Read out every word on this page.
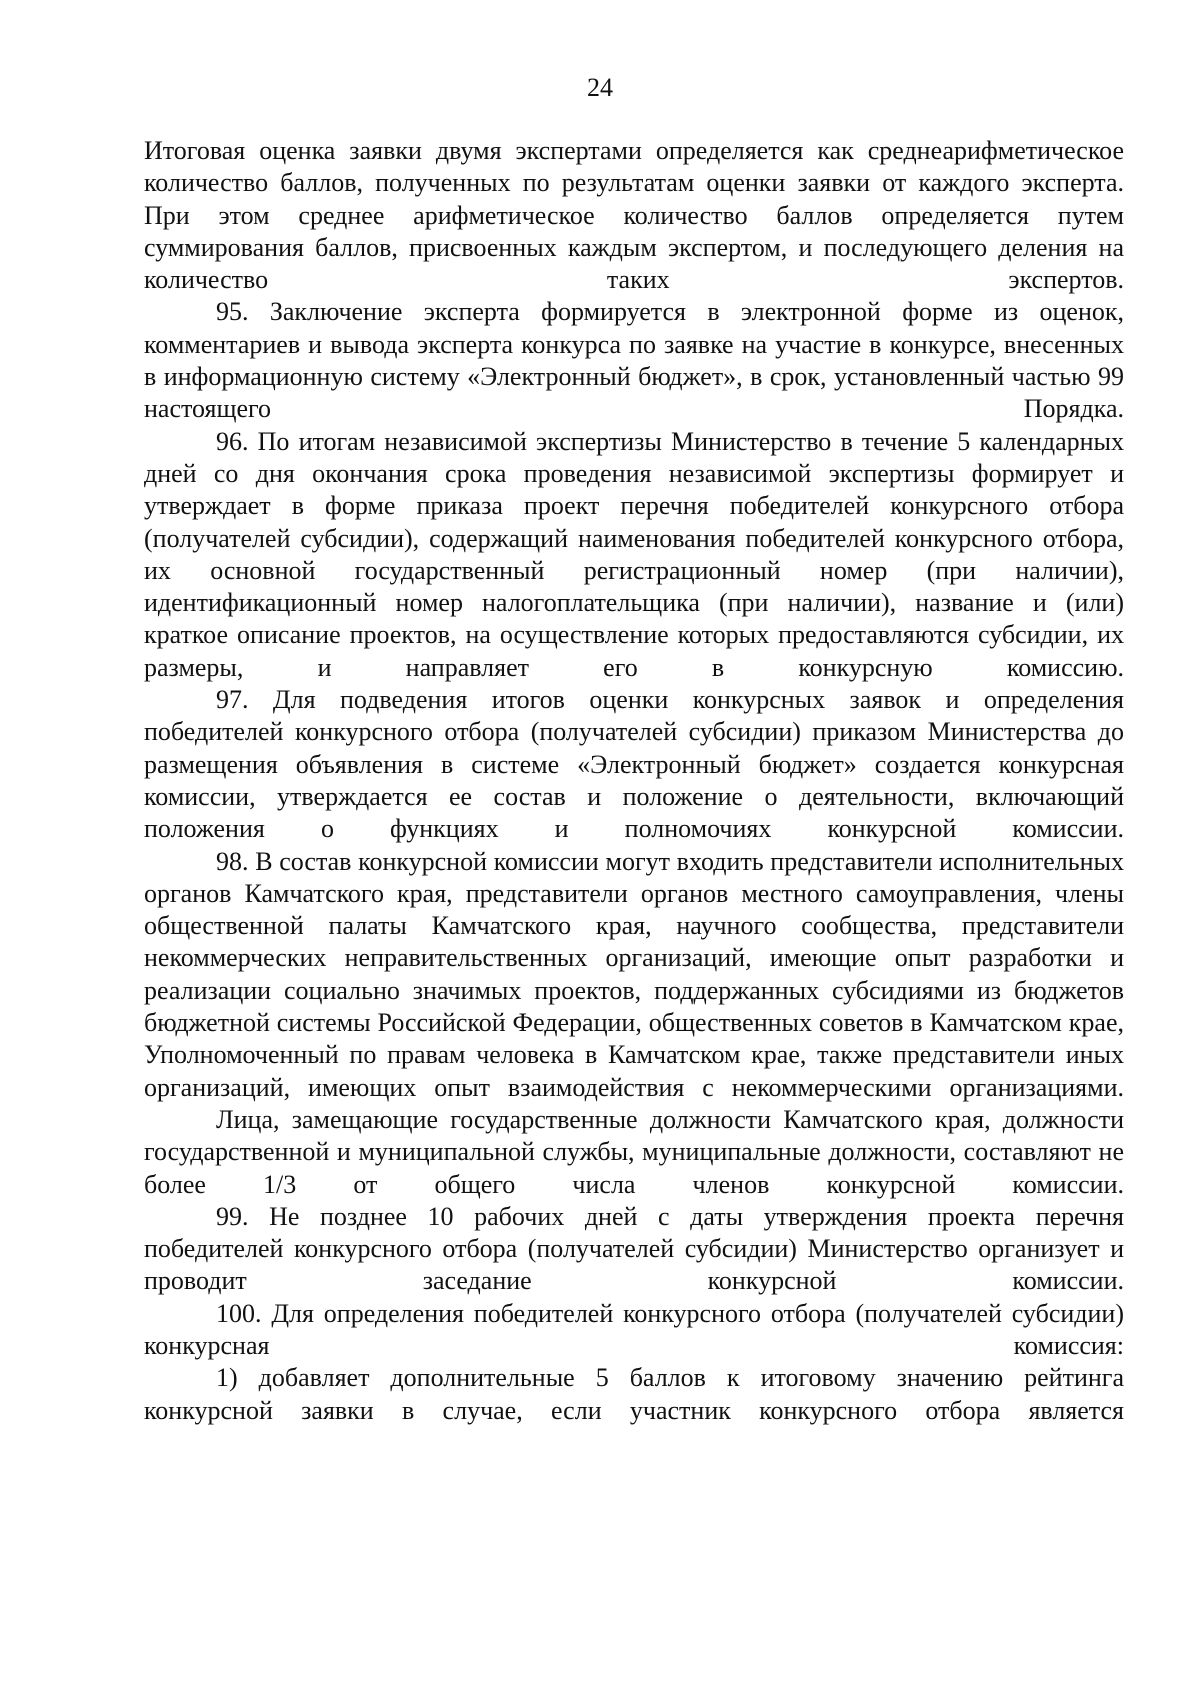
24

Итоговая оценка заявки двумя экспертами определяется как среднеарифметическое количество баллов, полученных по результатам оценки заявки от каждого эксперта. При этом среднее арифметическое количество баллов определяется путем суммирования баллов, присвоенных каждым экспертом, и последующего деления на количество таких экспертов.

95. Заключение эксперта формируется в электронной форме из оценок, комментариев и вывода эксперта конкурса по заявке на участие в конкурсе, внесенных в информационную систему «Электронный бюджет», в срок, установленный частью 99 настоящего Порядка.

96. По итогам независимой экспертизы Министерство в течение 5 календарных дней со дня окончания срока проведения независимой экспертизы формирует и утверждает в форме приказа проект перечня победителей конкурсного отбора (получателей субсидии), содержащий наименования победителей конкурсного отбора, их основной государственный регистрационный номер (при наличии), идентификационный номер налогоплательщика (при наличии), название и (или) краткое описание проектов, на осуществление которых предоставляются субсидии, их размеры, и направляет его в конкурсную комиссию.

97. Для подведения итогов оценки конкурсных заявок и определения победителей конкурсного отбора (получателей субсидии) приказом Министерства до размещения объявления в системе «Электронный бюджет» создается конкурсная комиссии, утверждается ее состав и положение о деятельности, включающий положения о функциях и полномочиях конкурсной комиссии.

98. В состав конкурсной комиссии могут входить представители исполнительных органов Камчатского края, представители органов местного самоуправления, члены общественной палаты Камчатского края, научного сообщества, представители некоммерческих неправительственных организаций, имеющие опыт разработки и реализации социально значимых проектов, поддержанных субсидиями из бюджетов бюджетной системы Российской Федерации, общественных советов в Камчатском крае, Уполномоченный по правам человека в Камчатском крае, также представители иных организаций, имеющих опыт взаимодействия с некоммерческими организациями.

Лица, замещающие государственные должности Камчатского края, должности государственной и муниципальной службы, муниципальные должности, составляют не более 1/3 от общего числа членов конкурсной комиссии.

99. Не позднее 10 рабочих дней с даты утверждения проекта перечня победителей конкурсного отбора (получателей субсидии) Министерство организует и проводит заседание конкурсной комиссии.

100. Для определения победителей конкурсного отбора (получателей субсидии) конкурсная комиссия:

1) добавляет дополнительные 5 баллов к итоговому значению рейтинга конкурсной заявки в случае, если участник конкурсного отбора является
